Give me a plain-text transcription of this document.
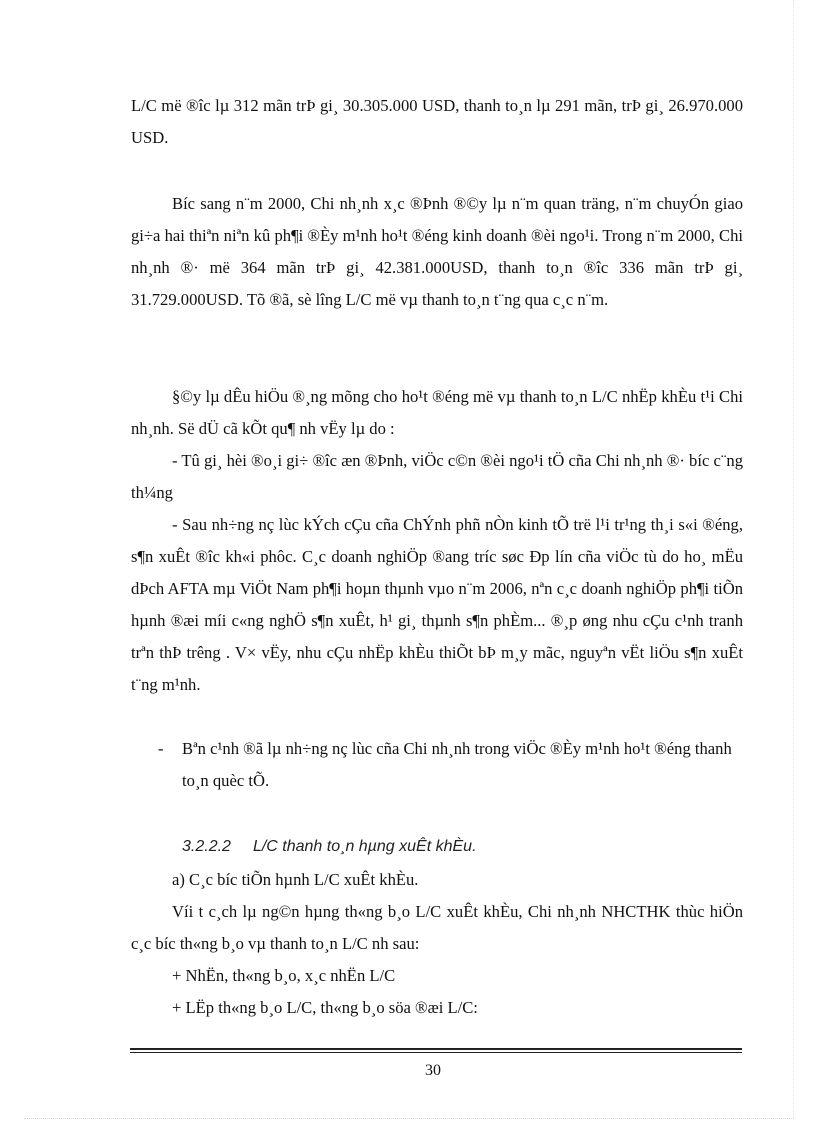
L/C më ®îc lµ 312 mãn trÞ gi¸ 30.305.000 USD, thanh to¸n lµ 291 mãn, trÞ gi¸ 26.970.000 USD.

Bíc sang n¨m 2000, Chi nh¸nh x¸c ®Þnh ®©y lµ n¨m quan träng, n¨m chuyÓn giao gi÷a hai thiªn niªn kû ph¶i ®Èy m¹nh ho¹t ®éng kinh doanh ®èi ngo¹i. Trong n¨m 2000, Chi nh¸nh ®· më 364 mãn trÞ gi¸ 42.381.000USD, thanh to¸n ®îc 336 mãn trÞ gi¸ 31.729.000USD. Tõ ®ã, sè lîng L/C më vµ thanh to¸n t¨ng qua c¸c n¨m.

§©y lµ dÊu hiÖu ®¸ng mõng cho ho¹t ®éng më vµ thanh to¸n L/C nhËp khÈu t¹i Chi nh¸nh. Së dÜ cã kÕt qu¶ nh vËy lµ do :

- Tû gi¸ hèi ®o¸i gi÷ ®îc æn ®Þnh, viÖc c©n ®èi ngo¹i tÖ cña Chi nh¸nh ®· bíc c¨ng th¼ng

- Sau nh÷ng nç lùc kÝch cÇu cña ChÝnh phñ nÒn kinh tÕ trë l¹i tr¹ng th¸i s«i ®éng, s¶n xuÊt ®îc kh«i phôc. C¸c doanh nghiÖp ®ang tríc søc Ðp lín cña viÖc tù do ho¸ mËu dÞch AFTA mµ ViÖt Nam ph¶i hoµn thµnh vµo n¨m 2006, nªn c¸c doanh nghiÖp ph¶i tiÕn hµnh ®æi míi c«ng nghÖ s¶n xuÊt, h¹ gi¸ thµnh s¶n phÈm... ®¸p øng nhu cÇu c¹nh tranh trªn thÞ trêng . V× vËy, nhu cÇu nhËp khÈu thiÕt bÞ m¸y mãc, nguyªn vËt liÖu s¶n xuÊt t¨ng m¹nh.

- Bªn c¹nh ®ã lµ nh÷ng nç lùc cña Chi nh¸nh trong viÖc ®Èy m¹nh ho¹t ®éng thanh to¸n quèc tÕ.
3.2.2.2 L/C thanh to¸n hµng xuÊt khÈu.

a) C¸c bíc tiÕn hµnh L/C xuÊt khÈu.

Víi t c¸ch lµ ng©n hµng th«ng b¸o L/C xuÊt khÈu, Chi nh¸nh NHCTHK thùc hiÖn c¸c bíc th«ng b¸o vµ thanh to¸n L/C nh sau:

+ NhËn, th«ng b¸o, x¸c nhËn L/C

+ LËp th«ng b¸o L/C, th«ng b¸o söa ®æi L/C:

30
